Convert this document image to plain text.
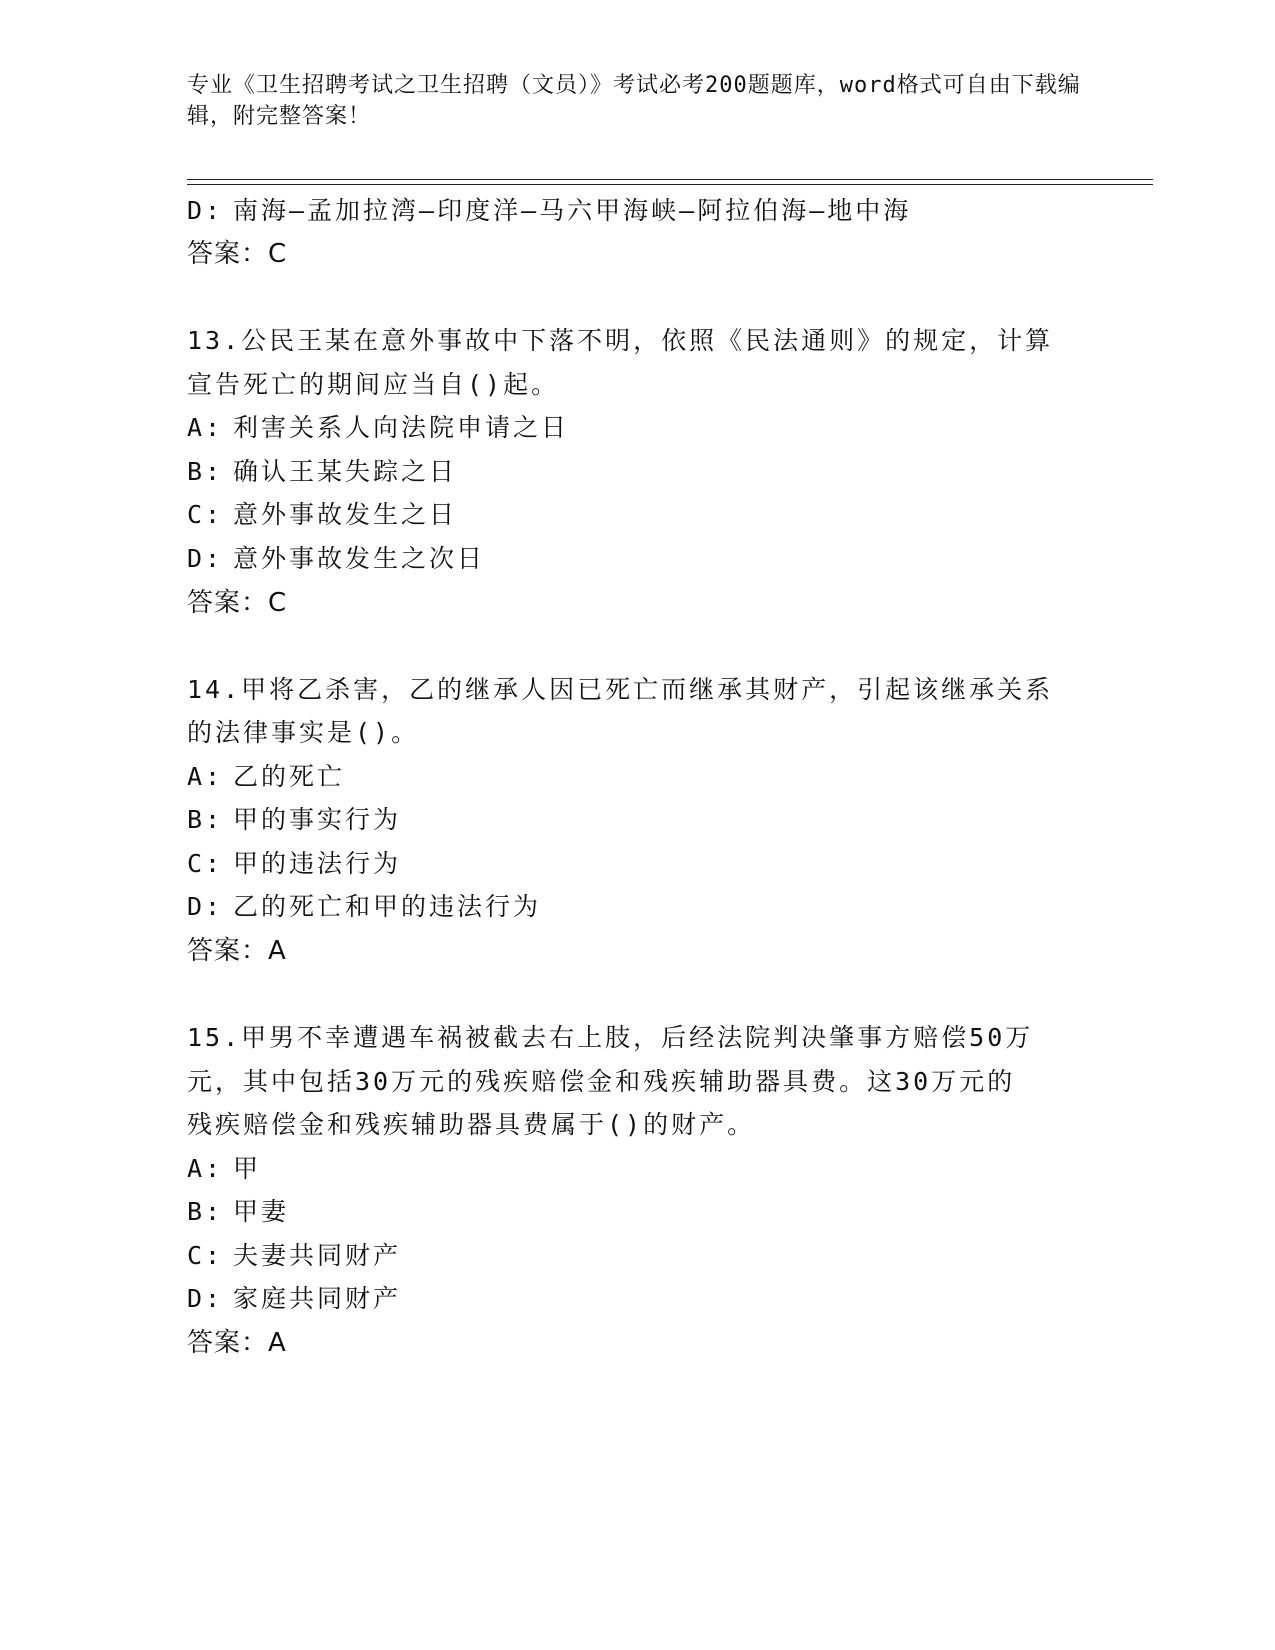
专业《卫生招聘考试之卫生招聘（文员）》考试必考200题题库，word格式可自由下载编辑，附完整答案！

D: 南海—孟加拉湾—印度洋—马六甲海峡—阿拉伯海—地中海
答案：C
13.公民王某在意外事故中下落不明，依照《民法通则》的规定，计算
宣告死亡的期间应当自()起。
A: 利害关系人向法院申请之日
B: 确认王某失踪之日
C: 意外事故发生之日
D: 意外事故发生之次日
答案：C
14.甲将乙杀害，乙的继承人因已死亡而继承其财产，引起该继承关系
的法律事实是()。
A: 乙的死亡
B: 甲的事实行为
C: 甲的违法行为
D: 乙的死亡和甲的违法行为
答案：A
15.甲男不幸遭遇车祸被截去右上肢，后经法院判决肇事方赔偿50万
元，其中包括30万元的残疾赔偿金和残疾辅助器具费。这30万元的
残疾赔偿金和残疾辅助器具费属于()的财产。
A: 甲
B: 甲妻
C: 夫妻共同财产
D: 家庭共同财产
答案：A
